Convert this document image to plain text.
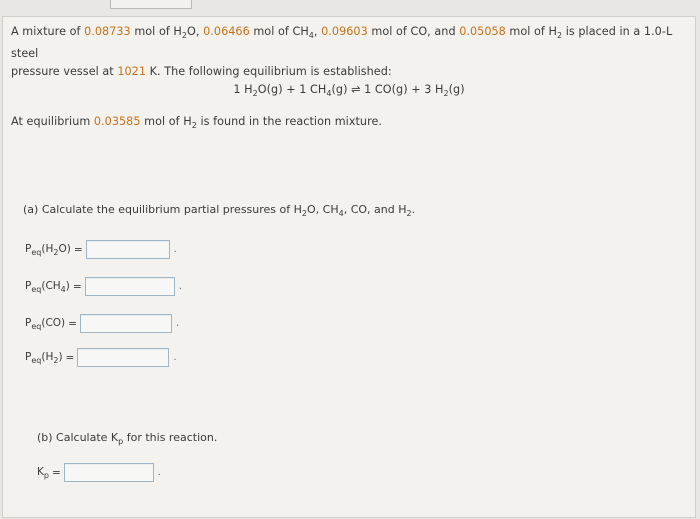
A mixture of 0.08733 mol of $H_2O$, 0.06466 mol of $CH_4$, 0.09603 mol of CO, and 0.05058 mol of $H_2$ is placed in a 1.0-L steel
pressure vessel at 1021 K. The following equilibrium is established:
1 $H_2O(g) + 1$ $CH_4(g)$ ⇌ 1 CO(g) + 3 $H_2(g)$
At equilibrium 0.03585 mol of $H_2$ is found in the reaction mixture.
(a) Calculate the equilibrium partial pressures of $H_2O$, $CH_4$, CO, and $H_2$.
$P_{eq}(H_2O)$ =	.
$P_{eq}(CH_4)$ =	.
$P_{eq}(CO)$ =	.
$P_{eq}(H_2)$ =	.
(b) Calculate $K_p$ for this reaction.
$K_p$ =	.
